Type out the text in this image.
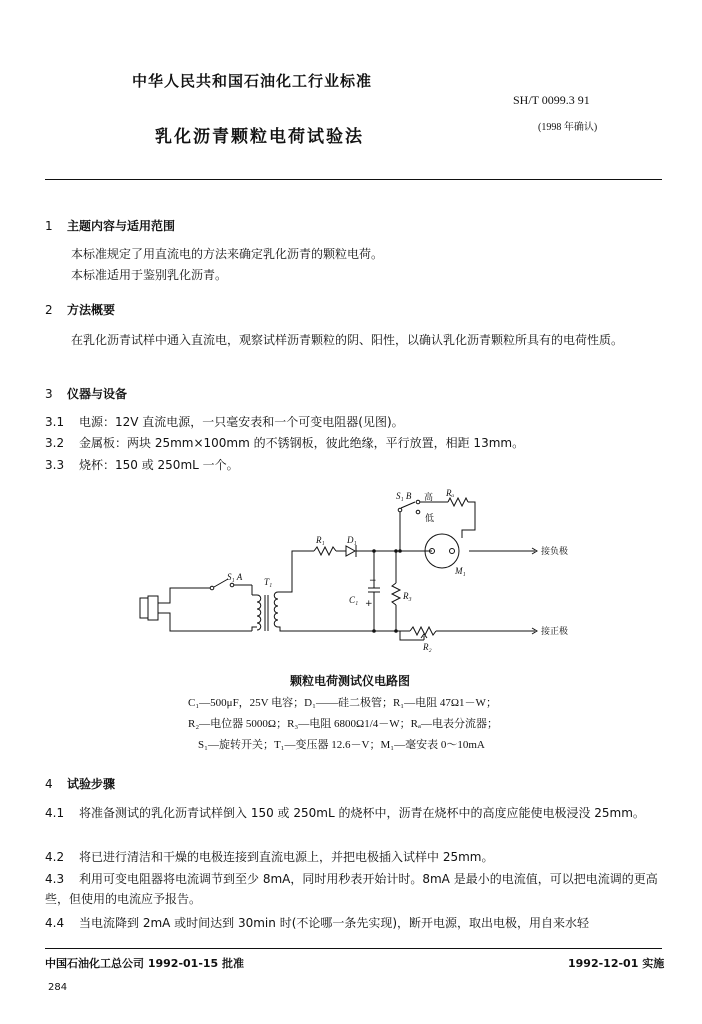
中华人民共和国石油化工行业标准
SH/T 0099.3 91
乳化沥青颗粒电荷试验法	(1998 年确认)
1 主题内容与适用范围
本标准规定了用直流电的方法来确定乳化沥青的颗粒电荷。
本标准适用于鉴别乳化沥青。
2 方法概要
在乳化沥青试样中通入直流电，观察试样沥青颗粒的阴、阳性，以确认乳化沥青颗粒所具有的电荷性质。
3 仪器与设备
3.1 电源：12V 直流电源，一只毫安表和一个可变电阻器(见图)。
3.2 金属板：两块 25mm×100mm 的不锈钢板，彼此绝缘，平行放置，相距 13mm。
3.3 烧杯：150 或 250mL 一个。
S₁ A T₁
R₁ D₁
C₁
−
+
R₃
R₂
M₁
S₁ B 高
低
Rₐ
接负极
接正极
颗粒电荷测试仪电路图
C₁—500μF，25V 电容；D₁——硅二极管；R₁—电阻 47Ω1－W；
R₂—电位器 5000Ω；R₃—电阻 6800Ω1/4－W；Rₐ—电表分流器；
S₁—旋转开关；T₁—变压器 12.6－V；M₁—毫安表 0～10mA
4 试验步骤
4.1 将准备测试的乳化沥青试样倒入 150 或 250mL 的烧杯中，沥青在烧杯中的高度应能使电极浸没 25mm。
4.2 将已进行清洁和干燥的电极连接到直流电源上，并把电极插入试样中 25mm。
4.3 利用可变电阻器将电流调节到至少 8mA，同时用秒表开始计时。8mA 是最小的电流值，可以把电流调的更高些，但使用的电流应予报告。
4.4 当电流降到 2mA 或时间达到 30min 时(不论哪一条先实现)，断开电源，取出电极，用自来水轻
中国石油化工总公司 1992-01-15 批准	1992-12-01 实施
284
